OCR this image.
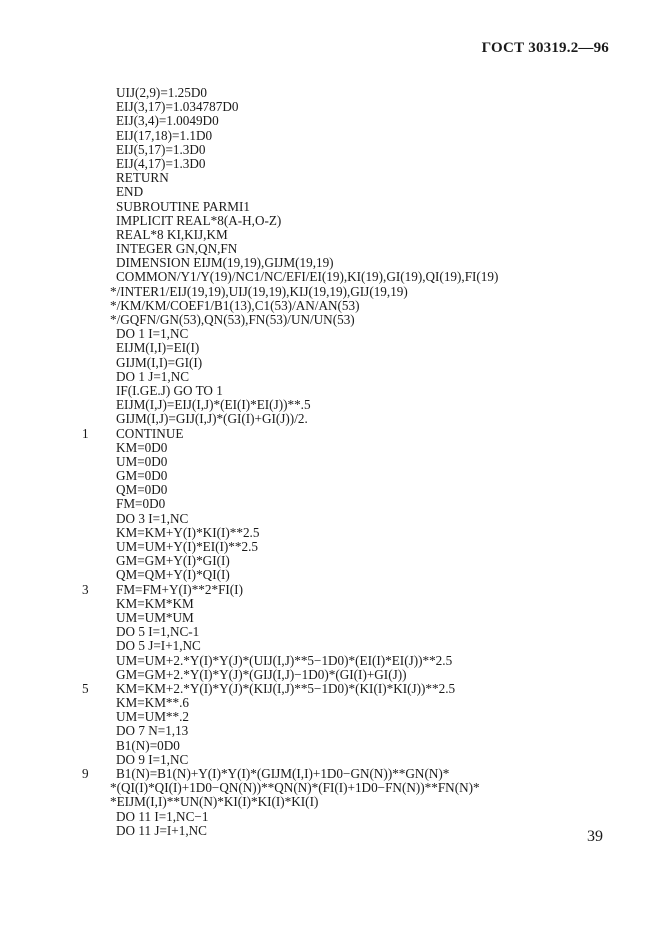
ГОСТ 30319.2—96
UIJ(2,9)=1.25D0
EIJ(3,17)=1.034787D0
EIJ(3,4)=1.0049D0
EIJ(17,18)=1.1D0
EIJ(5,17)=1.3D0
EIJ(4,17)=1.3D0
RETURN
END
SUBROUTINE PARMI1
IMPLICIT REAL*8(A-H,O-Z)
REAL*8 KI,KIJ,KM
INTEGER GN,QN,FN
DIMENSION EIJM(19,19),GIJM(19,19)
COMMON/Y1/Y(19)/NC1/NC/EFI/EI(19),KI(19),GI(19),QI(19),FI(19)
*/INTER1/EIJ(19,19),UIJ(19,19),KIJ(19,19),GIJ(19,19)
*/KM/KM/COEF1/B1(13),C1(53)/AN/AN(53)
*/GQFN/GN(53),QN(53),FN(53)/UN/UN(53)
DO 1 I=1,NC
EIJM(I,I)=EI(I)
GIJM(I,I)=GI(I)
DO 1 J=1,NC
IF(I.GE.J) GO TO 1
EIJM(I,J)=EIJ(I,J)*(EI(I)*EI(J))**.5
GIJM(I,J)=GIJ(I,J)*(GI(I)+GI(J))/2.
1	CONTINUE
KM=0D0
UM=0D0
GM=0D0
QM=0D0
FM=0D0
DO 3 I=1,NC
KM=KM+Y(I)*KI(I)**2.5
UM=UM+Y(I)*EI(I)**2.5
GM=GM+Y(I)*GI(I)
QM=QM+Y(I)*QI(I)
3	FM=FM+Y(I)**2*FI(I)
KM=KM*KM
UM=UM*UM
DO 5 I=1,NC-1
DO 5 J=I+1,NC
UM=UM+2.*Y(I)*Y(J)*(UIJ(I,J)**5−1D0)*(EI(I)*EI(J))**2.5
GM=GM+2.*Y(I)*Y(J)*(GIJ(I,J)−1D0)*(GI(I)+GI(J))
5	KM=KM+2.*Y(I)*Y(J)*(KIJ(I,J)**5−1D0)*(KI(I)*KI(J))**2.5
KM=KM**.6
UM=UM**.2
DO 7 N=1,13
B1(N)=0D0
DO 9 I=1,NC
9	B1(N)=B1(N)+Y(I)*Y(I)*(GIJM(I,I)+1D0−GN(N))**GN(N)*
*(QI(I)*QI(I)+1D0−QN(N))**QN(N)*(FI(I)+1D0−FN(N))**FN(N)*
*EIJM(I,I)**UN(N)*KI(I)*KI(I)*KI(I)
DO 11 I=1,NC−1
DO 11 J=I+1,NC	39
